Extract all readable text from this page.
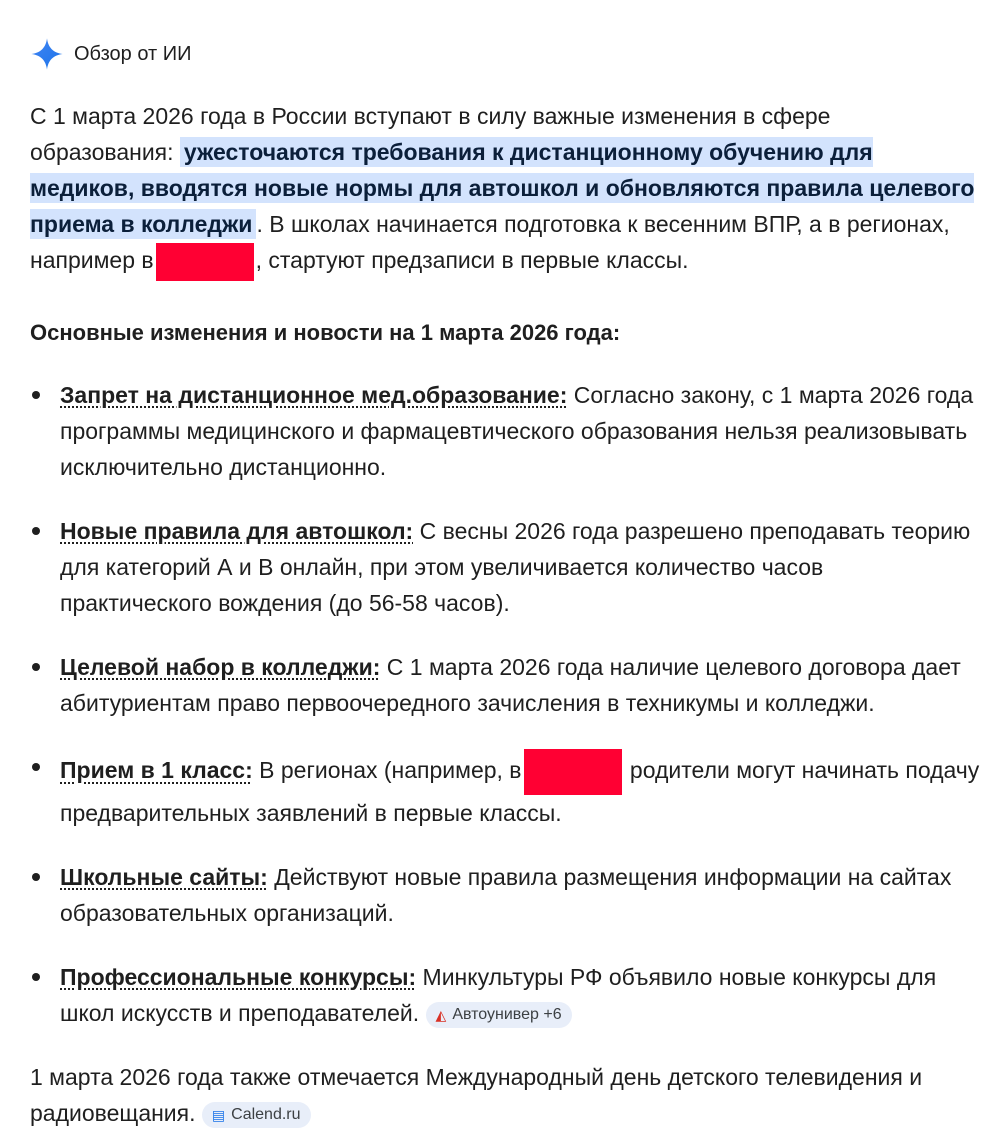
Обзор от ИИ
С 1 марта 2026 года в России вступают в силу важные изменения в сфере образования: ужесточаются требования к дистанционному обучению для медиков, вводятся новые нормы для автошкол и обновляются правила целевого приема в колледжи . В школах начинается подготовка к весенним ВПР, а в регионах, например в	, стартуют предзаписи в первые классы.
Основные изменения и новости на 1 марта 2026 года:
Запрет на дистанционное мед.образование: Согласно закону, с 1 марта 2026 года программы медицинского и фармацевтического образования нельзя реализовывать исключительно дистанционно.
Новые правила для автошкол: С весны 2026 года разрешено преподавать теорию для категорий А и В онлайн, при этом увеличивается количество часов практического вождения (до 56-58 часов).
Целевой набор в колледжи: С 1 марта 2026 года наличие целевого договора дает абитуриентам право первоочередного зачисления в техникумы и колледжи.
Прием в 1 класс: В регионах (например, в	родители могут начинать подачу предварительных заявлений в первые классы.
Школьные сайты: Действуют новые правила размещения информации на сайтах образовательных организаций.
Профессиональные конкурсы: Минкультуры РФ объявило новые конкурсы для школ искусств и преподавателей. ◭ Автоунивер +6
1 марта 2026 года также отмечается Международный день детского телевидения и радиовещания. ▤ Calend.ru
